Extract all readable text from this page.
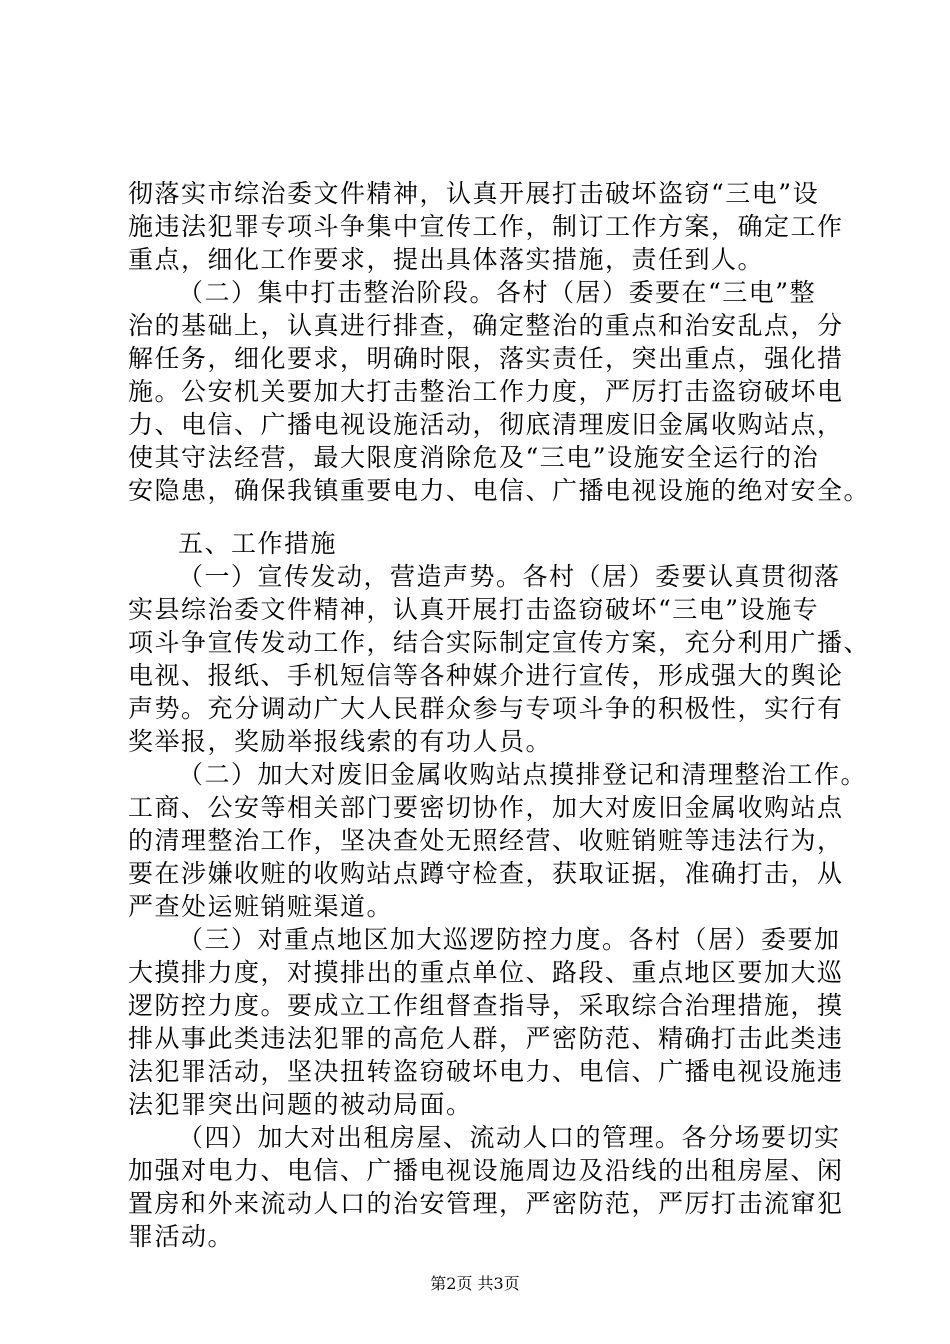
彻落实市综治委文件精神，认真开展打击破坏盗窃“三电”设
施违法犯罪专项斗争集中宣传工作，制订工作方案，确定工作
重点，细化工作要求，提出具体落实措施，责任到人。
（二）集中打击整治阶段。各村（居）委要在“三电”整
治的基础上，认真进行排查，确定整治的重点和治安乱点，分
解任务，细化要求，明确时限，落实责任，突出重点，强化措
施。公安机关要加大打击整治工作力度，严厉打击盗窃破坏电
力、电信、广播电视设施活动，彻底清理废旧金属收购站点，
使其守法经营，最大限度消除危及“三电”设施安全运行的治
安隐患，确保我镇重要电力、电信、广播电视设施的绝对安全。
五、工作措施
（一）宣传发动，营造声势。各村（居）委要认真贯彻落
实县综治委文件精神，认真开展打击盗窃破坏“三电”设施专
项斗争宣传发动工作，结合实际制定宣传方案，充分利用广播、
电视、报纸、手机短信等各种媒介进行宣传，形成强大的舆论
声势。充分调动广大人民群众参与专项斗争的积极性，实行有
奖举报，奖励举报线索的有功人员。
（二）加大对废旧金属收购站点摸排登记和清理整治工作。
工商、公安等相关部门要密切协作，加大对废旧金属收购站点
的清理整治工作，坚决查处无照经营、收赃销赃等违法行为，
要在涉嫌收赃的收购站点蹲守检查，获取证据，准确打击，从
严查处运赃销赃渠道。
（三）对重点地区加大巡逻防控力度。各村（居）委要加
大摸排力度，对摸排出的重点单位、路段、重点地区要加大巡
逻防控力度。要成立工作组督查指导，采取综合治理措施，摸
排从事此类违法犯罪的高危人群，严密防范、精确打击此类违
法犯罪活动，坚决扭转盗窃破坏电力、电信、广播电视设施违
法犯罪突出问题的被动局面。
（四）加大对出租房屋、流动人口的管理。各分场要切实
加强对电力、电信、广播电视设施周边及沿线的出租房屋、闲
置房和外来流动人口的治安管理，严密防范，严厉打击流窜犯
罪活动。
第2页 共3页
